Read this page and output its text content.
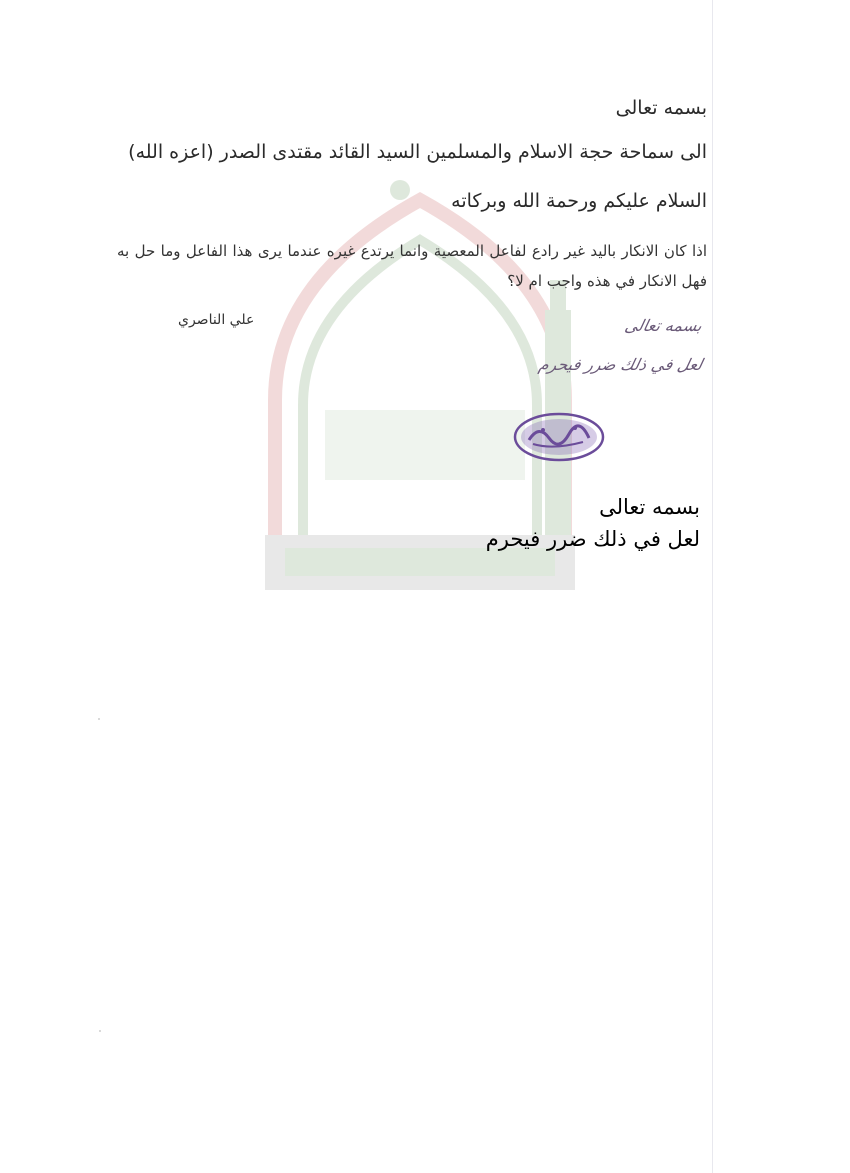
بسمه تعالى
الى سماحة حجة الاسلام والمسلمين السيد القائد مقتدى الصدر (اعزه الله)
السلام عليكم ورحمة الله وبركاته
اذا كان الانكار باليد غير رادع لفاعل المعصية وانما يرتدع غيره عندما يرى هذا الفاعل وما حل به فهل الانكار في هذه واجب ام لا؟
علي الناصري	بسمه تعالى
لعل في ذلك ضرر فيحرم
بسمه تعالى
لعل في ذلك ضرر فيحرم
